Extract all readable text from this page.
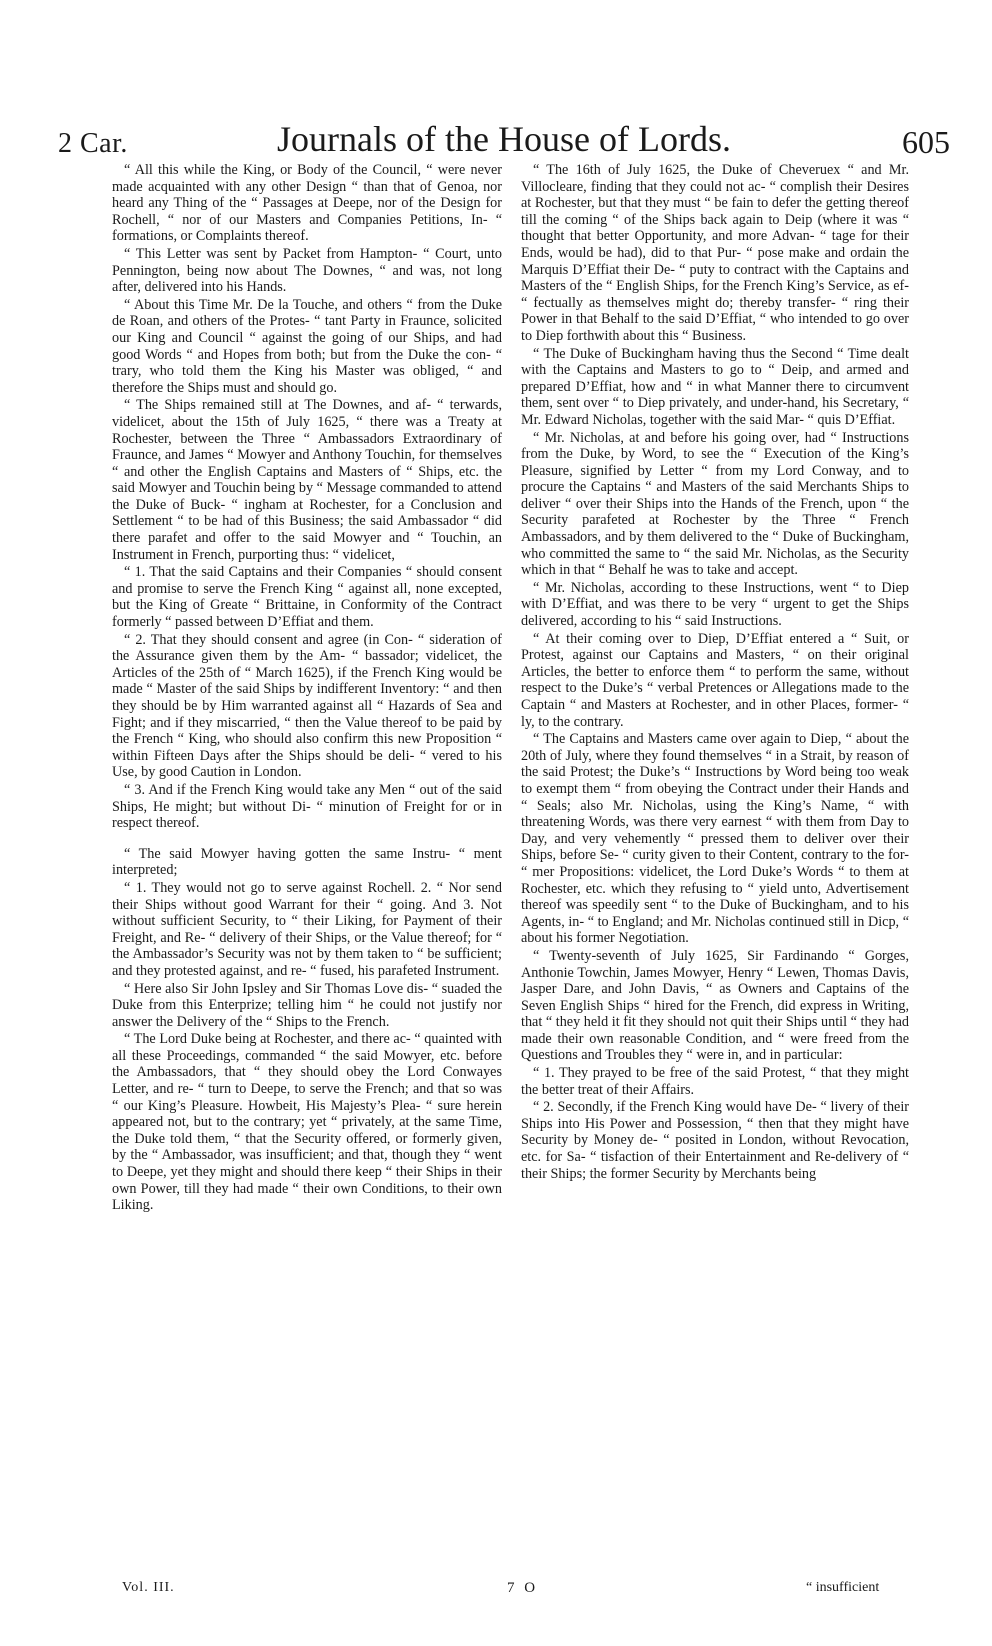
2 Car.	Journals of the House of Lords.	605

“ All this while the King, or Body of the Council, “ were never made acquainted with any other Design “ than that of Genoa, nor heard any Thing of the “ Passages at Deepe, nor of the Design for Rochell, “ nor of our Masters and Companies Petitions, In- “ formations, or Complaints thereof.

“ This Letter was sent by Packet from Hampton- “ Court, unto Pennington, being now about The Downes, “ and was, not long after, delivered into his Hands.

“ About this Time Mr. De la Touche, and others “ from the Duke de Roan, and others of the Protes- “ tant Party in Fraunce, solicited our King and Council “ against the going of our Ships, and had good Words “ and Hopes from both; but from the Duke the con- “ trary, who told them the King his Master was obliged, “ and therefore the Ships must and should go.

“ The Ships remained still at The Downes, and af- “ terwards, videlicet, about the 15th of July 1625, “ there was a Treaty at Rochester, between the Three “ Ambassadors Extraordinary of Fraunce, and James “ Mowyer and Anthony Touchin, for themselves “ and other the English Captains and Masters of “ Ships, etc. the said Mowyer and Touchin being by “ Message commanded to attend the Duke of Buck- “ ingham at Rochester, for a Conclusion and Settlement “ to be had of this Business; the said Ambassador “ did there parafet and offer to the said Mowyer and “ Touchin, an Instrument in French, purporting thus: “ videlicet,

“ 1. That the said Captains and their Companies “ should consent and promise to serve the French King “ against all, none excepted, but the King of Greate “ Brittaine, in Conformity of the Contract formerly “ passed between D’Effiat and them.

“ 2. That they should consent and agree (in Con- “ sideration of the Assurance given them by the Am- “ bassador; videlicet, the Articles of the 25th of “ March 1625), if the French King would be made “ Master of the said Ships by indifferent Inventory: “ and then they should be by Him warranted against all “ Hazards of Sea and Fight; and if they miscarried, “ then the Value thereof to be paid by the French “ King, who should also confirm this new Proposition “ within Fifteen Days after the Ships should be deli- “ vered to his Use, by good Caution in London.

“ 3. And if the French King would take any Men “ out of the said Ships, He might; but without Di- “ minution of Freight for or in respect thereof.

“ The said Mowyer having gotten the same Instru- “ ment interpreted;

“ 1. They would not go to serve against Rochell. 2. “ Nor send their Ships without good Warrant for their “ going. And 3. Not without sufficient Security, to “ their Liking, for Payment of their Freight, and Re- “ delivery of their Ships, or the Value thereof; for “ the Ambassador’s Security was not by them taken to “ be sufficient; and they protested against, and re- “ fused, his parafeted Instrument.

“ Here also Sir John Ipsley and Sir Thomas Love dis- “ suaded the Duke from this Enterprize; telling him “ he could not justify nor answer the Delivery of the “ Ships to the French.

“ The Lord Duke being at Rochester, and there ac- “ quainted with all these Proceedings, commanded “ the said Mowyer, etc. before the Ambassadors, that “ they should obey the Lord Conwayes Letter, and re- “ turn to Deepe, to serve the French; and that so was “ our King’s Pleasure. Howbeit, His Majesty’s Plea- “ sure herein appeared not, but to the contrary; yet “ privately, at the same Time, the Duke told them, “ that the Security offered, or formerly given, by the “ Ambassador, was insufficient; and that, though they “ went to Deepe, yet they might and should there keep “ their Ships in their own Power, till they had made “ their own Conditions, to their own Liking.

“ The 16th of July 1625, the Duke of Cheveruex “ and Mr. Villocleare, finding that they could not ac- “ complish their Desires at Rochester, but that they must “ be fain to defer the getting thereof till the coming “ of the Ships back again to Deip (where it was “ thought that better Opportunity, and more Advan- “ tage for their Ends, would be had), did to that Pur- “ pose make and ordain the Marquis D’Effiat their De- “ puty to contract with the Captains and Masters of the “ English Ships, for the French King’s Service, as ef- “ fectually as themselves might do; thereby transfer- “ ring their Power in that Behalf to the said D’Effiat, “ who intended to go over to Diep forthwith about this “ Business.

“ The Duke of Buckingham having thus the Second “ Time dealt with the Captains and Masters to go to “ Deip, and armed and prepared D’Effiat, how and “ in what Manner there to circumvent them, sent over “ to Diep privately, and under-hand, his Secretary, “ Mr. Edward Nicholas, together with the said Mar- “ quis D’Effiat.

“ Mr. Nicholas, at and before his going over, had “ Instructions from the Duke, by Word, to see the “ Execution of the King’s Pleasure, signified by Letter “ from my Lord Conway, and to procure the Captains “ and Masters of the said Merchants Ships to deliver “ over their Ships into the Hands of the French, upon “ the Security parafeted at Rochester by the Three “ French Ambassadors, and by them delivered to the “ Duke of Buckingham, who committed the same to “ the said Mr. Nicholas, as the Security which in that “ Behalf he was to take and accept.

“ Mr. Nicholas, according to these Instructions, went “ to Diep with D’Effiat, and was there to be very “ urgent to get the Ships delivered, according to his “ said Instructions.

“ At their coming over to Diep, D’Effiat entered a “ Suit, or Protest, against our Captains and Masters, “ on their original Articles, the better to enforce them “ to perform the same, without respect to the Duke’s “ verbal Pretences or Allegations made to the Captain “ and Masters at Rochester, and in other Places, former- “ ly, to the contrary.

“ The Captains and Masters came over again to Diep, “ about the 20th of July, where they found themselves “ in a Strait, by reason of the said Protest; the Duke’s “ Instructions by Word being too weak to exempt them “ from obeying the Contract under their Hands and “ Seals; also Mr. Nicholas, using the King’s Name, “ with threatening Words, was there very earnest “ with them from Day to Day, and very vehemently “ pressed them to deliver over their Ships, before Se- “ curity given to their Content, contrary to the for- “ mer Propositions: videlicet, the Lord Duke’s Words “ to them at Rochester, etc. which they refusing to “ yield unto, Advertisement thereof was speedily sent “ to the Duke of Buckingham, and to his Agents, in- “ to England; and Mr. Nicholas continued still in Dicp, “ about his former Negotiation.

“ Twenty-seventh of July 1625, Sir Fardinando “ Gorges, Anthonie Towchin, James Mowyer, Henry “ Lewen, Thomas Davis, Jasper Dare, and John Davis, “ as Owners and Captains of the Seven English Ships “ hired for the French, did express in Writing, that “ they held it fit they should not quit their Ships until “ they had made their own reasonable Condition, and “ were freed from the Questions and Troubles they “ were in, and in particular:

“ 1. They prayed to be free of the said Protest, “ that they might the better treat of their Affairs.

“ 2. Secondly, if the French King would have De- “ livery of their Ships into His Power and Possession, “ then that they might have Security by Money de- “ posited in London, without Revocation, etc. for Sa- “ tisfaction of their Entertainment and Re-delivery of “ their Ships; the former Security by Merchants being

Vol. III.	7 O	“ insufficient
